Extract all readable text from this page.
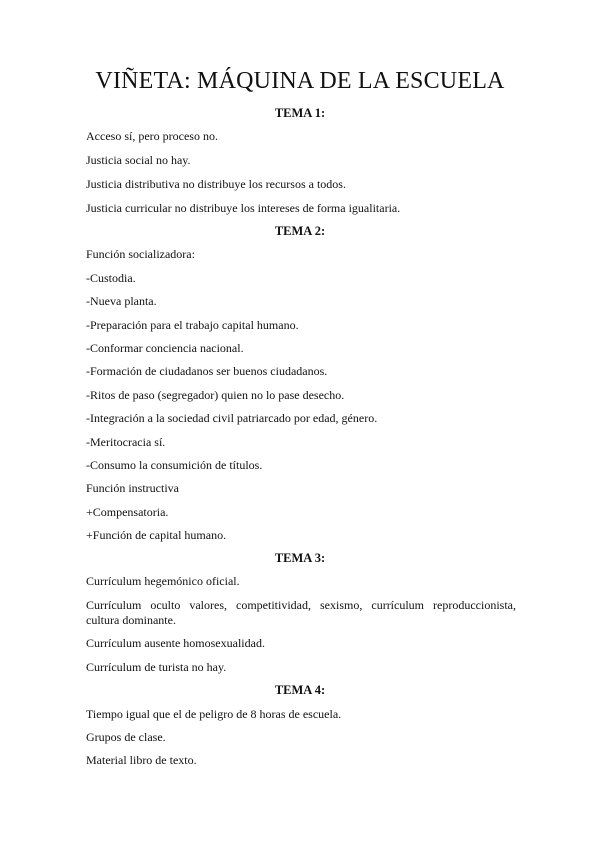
VIÑETA: MÁQUINA DE LA ESCUELA
TEMA 1:
Acceso sí, pero proceso no.
Justicia social no hay.
Justicia distributiva no distribuye los recursos a todos.
Justicia curricular no distribuye los intereses de forma igualitaria.
TEMA 2:
Función socializadora:
-Custodia.
-Nueva planta.
-Preparación para el trabajo capital humano.
-Conformar conciencia nacional.
-Formación de ciudadanos ser buenos ciudadanos.
-Ritos de paso (segregador) quien no lo pase desecho.
-Integración a la sociedad civil patriarcado por edad, género.
-Meritocracia sí.
-Consumo la consumición de títulos.
Función instructiva
+Compensatoria.
+Función de capital humano.
TEMA 3:
Currículum hegemónico oficial.
Currículum oculto valores, competitividad, sexismo, currículum reproduccionista, cultura dominante.
Currículum ausente homosexualidad.
Currículum de turista no hay.
TEMA 4:
Tiempo igual que el de peligro de 8 horas de escuela.
Grupos de clase.
Material libro de texto.
